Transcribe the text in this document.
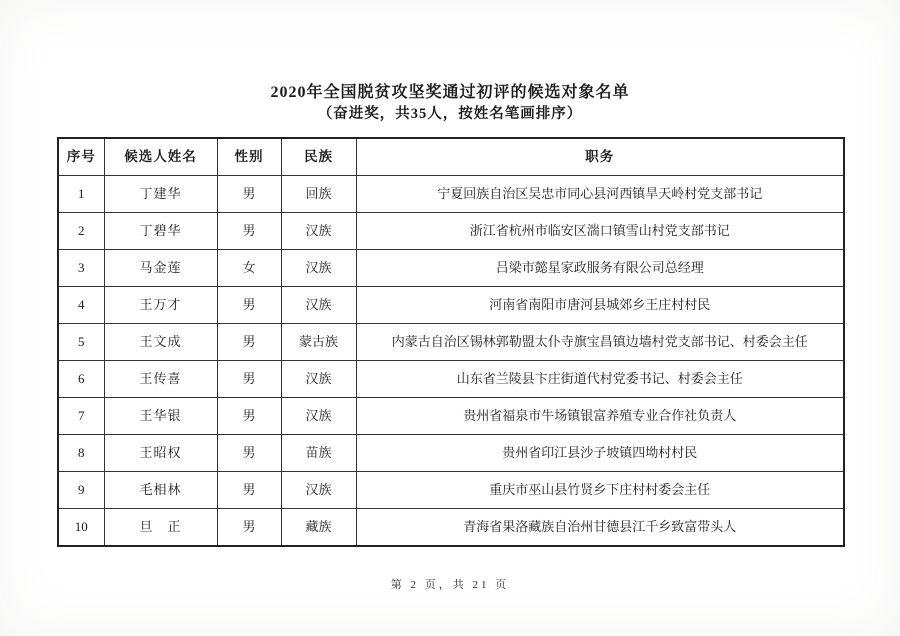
2020年全国脱贫攻坚奖通过初评的候选对象名单
（奋进奖，共35人，按姓名笔画排序）
序号	候选人姓名	性别	民族	职务
1	丁建华	男	回族	宁夏回族自治区吴忠市同心县河西镇旱天岭村党支部书记
2	丁碧华	男	汉族	浙江省杭州市临安区湍口镇雪山村党支部书记
3	马金莲	女	汉族	吕梁市懿星家政服务有限公司总经理
4	王万才	男	汉族	河南省南阳市唐河县城郊乡王庄村村民
5	王文成	男	蒙古族	内蒙古自治区锡林郭勒盟太仆寺旗宝昌镇边墙村党支部书记、村委会主任
6	王传喜	男	汉族	山东省兰陵县卞庄街道代村党委书记、村委会主任
7	王华银	男	汉族	贵州省福泉市牛场镇银富养殖专业合作社负责人
8	王昭权	男	苗族	贵州省印江县沙子坡镇四坳村村民
9	毛相林	男	汉族	重庆市巫山县竹贤乡下庄村村委会主任
10	旦　正	男	藏族	青海省果洛藏族自治州甘德县江千乡致富带头人
第 2 页，共 21 页
